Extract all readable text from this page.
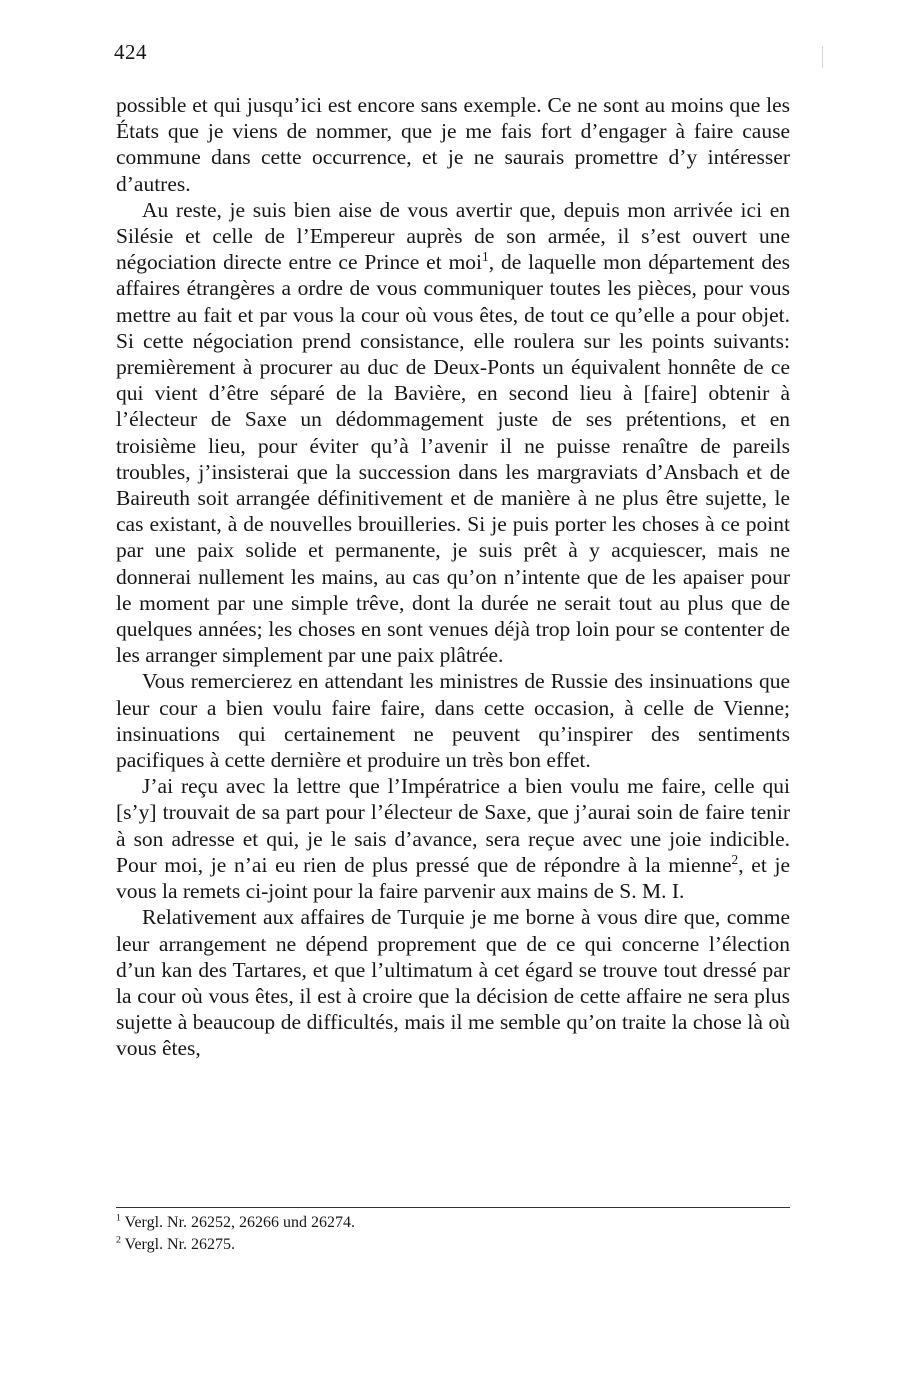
424

possible et qui jusqu’ici est encore sans exemple. Ce ne sont au moins que les États que je viens de nommer, que je me fais fort d’engager à faire cause commune dans cette occurrence, et je ne saurais promettre d’y intéresser d’autres.

Au reste, je suis bien aise de vous avertir que, depuis mon arrivée ici en Silésie et celle de l’Empereur auprès de son armée, il s’est ouvert une négociation directe entre ce Prince et moi$^1$, de laquelle mon département des affaires étrangères a ordre de vous communiquer toutes les pièces, pour vous mettre au fait et par vous la cour où vous êtes, de tout ce qu’elle a pour objet. Si cette négociation prend consistance, elle roulera sur les points suivants: premièrement à procurer au duc de Deux-Ponts un équivalent honnête de ce qui vient d’être séparé de la Bavière, en second lieu à [faire] obtenir à l’électeur de Saxe un dédommagement juste de ses prétentions, et en troisième lieu, pour éviter qu’à l’avenir il ne puisse renaître de pareils troubles, j’insisterai que la succession dans les margraviats d’Ansbach et de Baireuth soit arrangée définitivement et de manière à ne plus être sujette, le cas existant, à de nouvelles brouilleries. Si je puis porter les choses à ce point par une paix solide et permanente, je suis prêt à y acquiescer, mais ne donnerai nullement les mains, au cas qu’on n’intente que de les apaiser pour le moment par une simple trêve, dont la durée ne serait tout au plus que de quelques années; les choses en sont venues déjà trop loin pour se contenter de les arranger simplement par une paix plâtrée.

Vous remercierez en attendant les ministres de Russie des insinuations que leur cour a bien voulu faire faire, dans cette occasion, à celle de Vienne; insinuations qui certainement ne peuvent qu’inspirer des sentiments pacifiques à cette dernière et produire un très bon effet.

J’ai reçu avec la lettre que l’Impératrice a bien voulu me faire, celle qui [s’y] trouvait de sa part pour l’électeur de Saxe, que j’aurai soin de faire tenir à son adresse et qui, je le sais d’avance, sera reçue avec une joie indicible. Pour moi, je n’ai eu rien de plus pressé que de répondre à la mienne$^2$, et je vous la remets ci-joint pour la faire parvenir aux mains de S. M. I.

Relativement aux affaires de Turquie je me borne à vous dire que, comme leur arrangement ne dépend proprement que de ce qui concerne l’élection d’un kan des Tartares, et que l’ultimatum à cet égard se trouve tout dressé par la cour où vous êtes, il est à croire que la décision de cette affaire ne sera plus sujette à beaucoup de difficultés, mais il me semble qu’on traite la chose là où vous êtes,

$^1$ Vergl. Nr. 26252, 26266 und 26274.
$^2$ Vergl. Nr. 26275.
